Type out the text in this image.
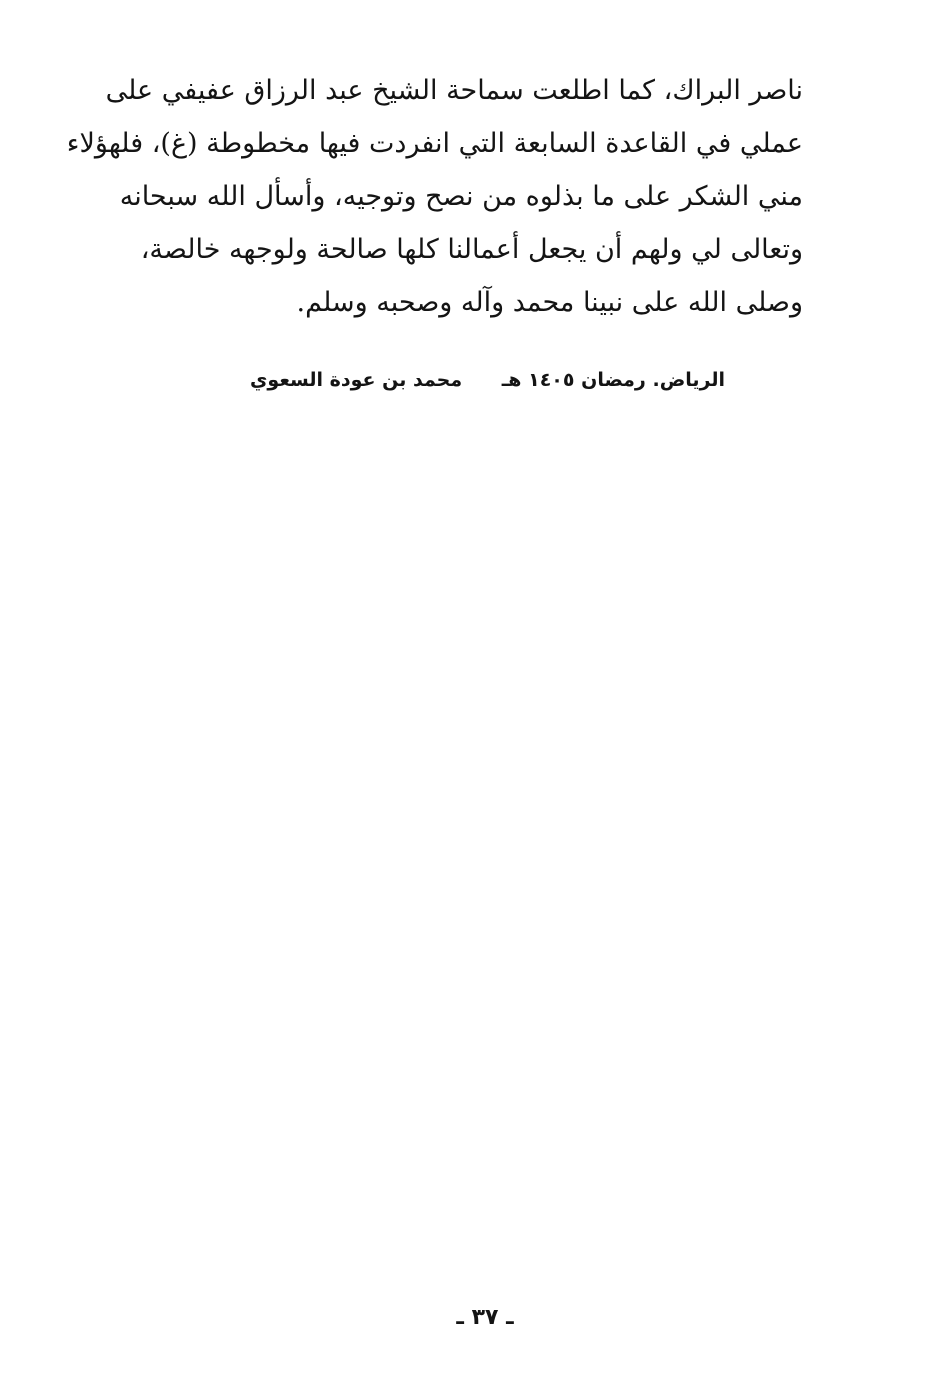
ناصر البراك، كما اطلعت سماحة الشيخ عبد الرزاق عفيفي على
عملي في القاعدة السابعة التي انفردت فيها مخطوطة (غ)، فلهؤلاء
مني الشكر على ما بذلوه من نصح وتوجيه، وأسأل الله سبحانه
وتعالى لي ولهم أن يجعل أعمالنا كلها صالحة ولوجهه خالصة،
وصلى الله على نبينا محمد وآله وصحبه وسلم.
الرياض. رمضان ١٤٠٥ هـ
محمد بن عودة السعوي
ـ ٣٧ ـ
